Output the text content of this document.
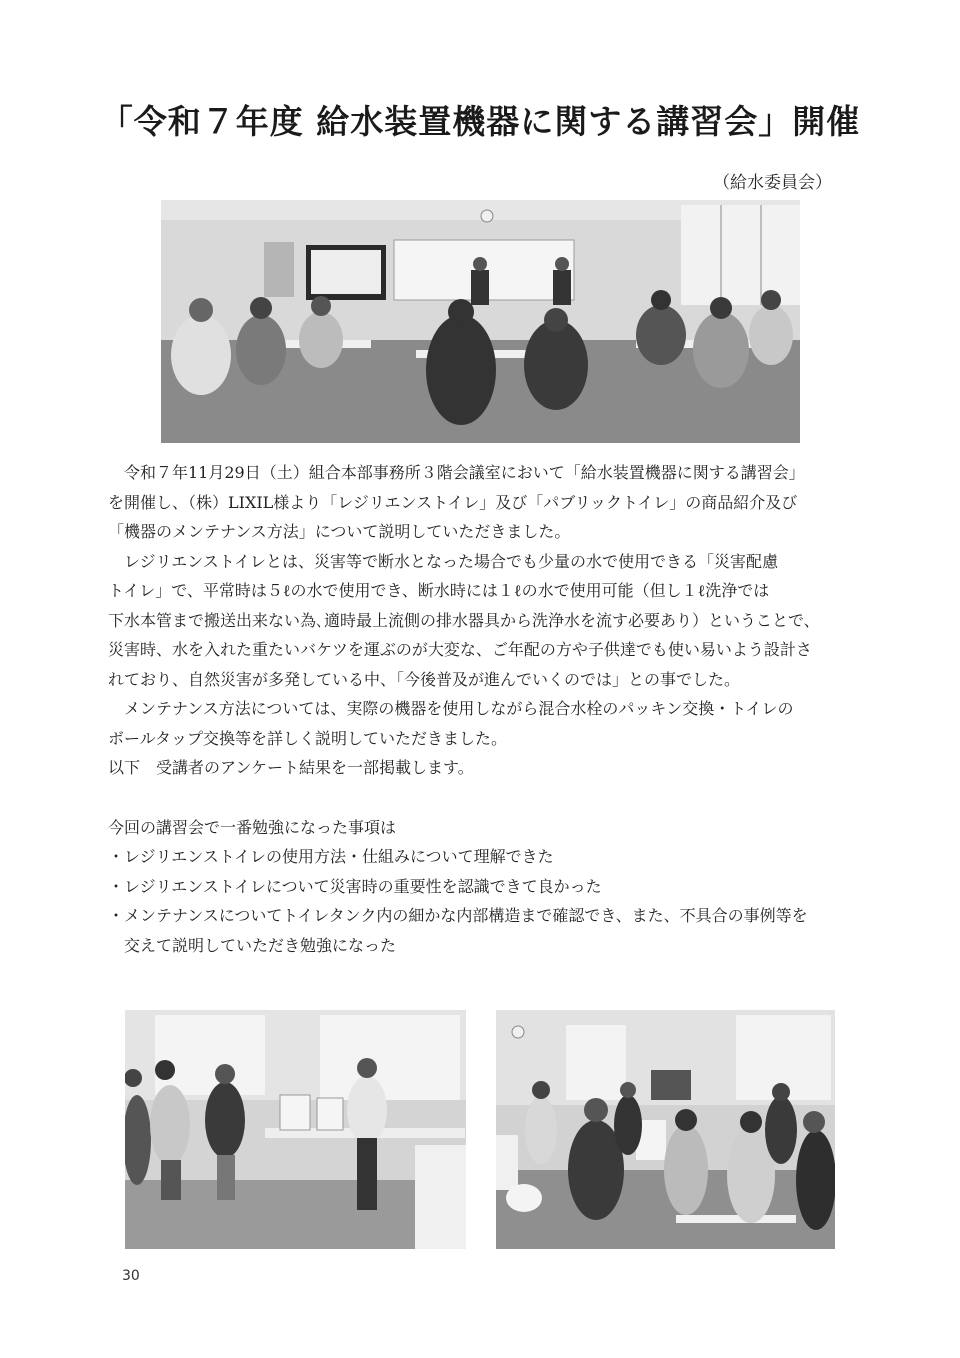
「令和７年度 給水装置機器に関する講習会」開催
（給水委員会）

令和７年11月29日（土）組合本部事務所３階会議室において「給水装置機器に関する講習会」

を開催し、（株）LIXIL様より「レジリエンストイレ」及び「パブリックトイレ」の商品紹介及び

「機器のメンテナンス方法」について説明していただきました。

レジリエンストイレとは、災害等で断水となった場合でも少量の水で使用できる「災害配慮

トイレ」で、平常時は５ℓの水で使用でき、断水時には１ℓの水で使用可能（但し１ℓ洗浄では

下水本管まで搬送出来ない為､適時最上流側の排水器具から洗浄水を流す必要あり）ということで、

災害時、水を入れた重たいバケツを運ぶのが大変な、ご年配の方や子供達でも使い易いよう設計さ

れており、自然災害が多発している中、「今後普及が進んでいくのでは」との事でした。

メンテナンス方法については、実際の機器を使用しながら混合水栓のパッキン交換・トイレの

ボールタップ交換等を詳しく説明していただきました。

以下　受講者のアンケート結果を一部掲載します。

今回の講習会で一番勉強になった事項は

・レジリエンストイレの使用方法・仕組みについて理解できた

・レジリエンストイレについて災害時の重要性を認識できて良かった

・メンテナンスについてトイレタンク内の細かな内部構造まで確認でき、また、不具合の事例等を

　交えて説明していただき勉強になった

30
